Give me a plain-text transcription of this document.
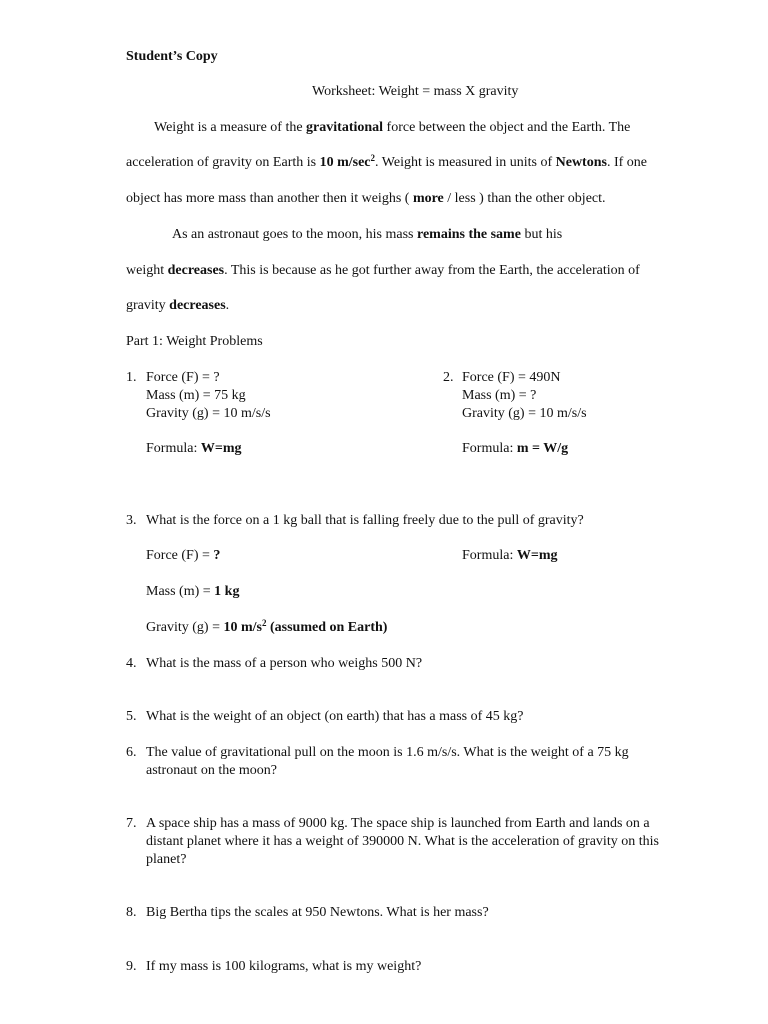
Student’s Copy
Worksheet: Weight = mass X gravity
Weight is a measure of the gravitational force between the object and the Earth. The
acceleration of gravity on Earth is 10 $m/\sec^2$. Weight is measured in units of Newtons. If one
object has more mass than another then it weighs ( more / less ) than the other object.
As an astronaut goes to the moon, his mass remains the same but his
weight decreases. This is because as he got further away from the Earth, the acceleration of
gravity decreases.
Part 1: Weight Problems
1. Force (F) = ?
Mass (m) = 75 kg
Gravity (g) = 10 m/s/s
Formula: W=mg
2. Force (F) = 490N
Mass (m) = ?
Gravity (g) = 10 m/s/s
Formula: m = W/g
3. What is the force on a 1 kg ball that is falling freely due to the pull of gravity?
Force (F) = ?	Formula: W=mg
Mass (m) = 1 kg
Gravity (g) = 10 $m/s^2$ (assumed on Earth)
4. What is the mass of a person who weighs 500 N?
5. What is the weight of an object (on earth) that has a mass of 45 kg?
6. The value of gravitational pull on the moon is 1.6 m/s/s. What is the weight of a 75 kg
astronaut on the moon?
7. A space ship has a mass of 9000 kg. The space ship is launched from Earth and lands on a
distant planet where it has a weight of 390000 N. What is the acceleration of gravity on this
planet?
8. Big Bertha tips the scales at 950 Newtons. What is her mass?
9. If my mass is 100 kilograms, what is my weight?
